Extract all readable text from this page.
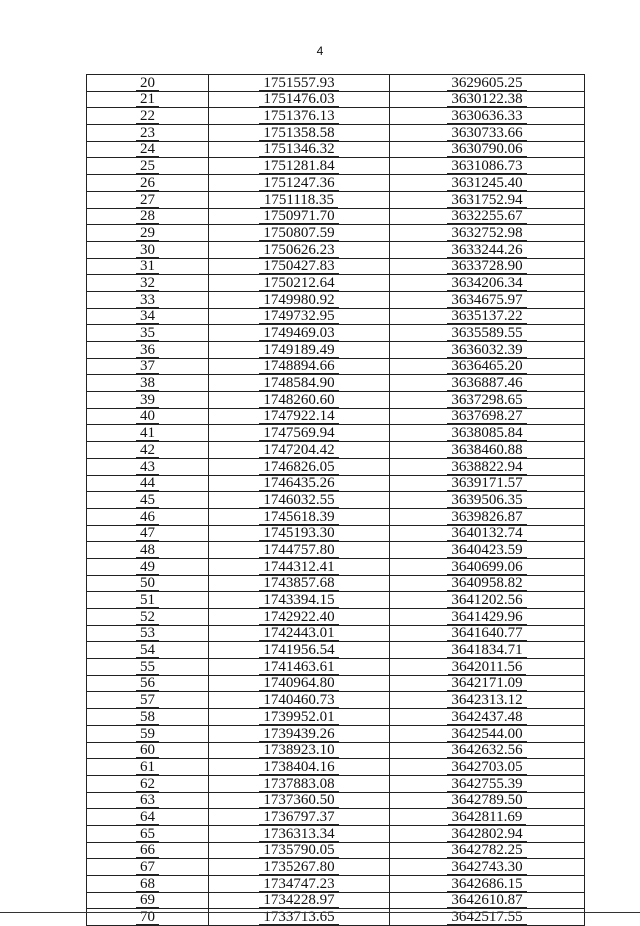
4
20	1751557.93	3629605.25
21	1751476.03	3630122.38
22	1751376.13	3630636.33
23	1751358.58	3630733.66
24	1751346.32	3630790.06
25	1751281.84	3631086.73
26	1751247.36	3631245.40
27	1751118.35	3631752.94
28	1750971.70	3632255.67
29	1750807.59	3632752.98
30	1750626.23	3633244.26
31	1750427.83	3633728.90
32	1750212.64	3634206.34
33	1749980.92	3634675.97
34	1749732.95	3635137.22
35	1749469.03	3635589.55
36	1749189.49	3636032.39
37	1748894.66	3636465.20
38	1748584.90	3636887.46
39	1748260.60	3637298.65
40	1747922.14	3637698.27
41	1747569.94	3638085.84
42	1747204.42	3638460.88
43	1746826.05	3638822.94
44	1746435.26	3639171.57
45	1746032.55	3639506.35
46	1745618.39	3639826.87
47	1745193.30	3640132.74
48	1744757.80	3640423.59
49	1744312.41	3640699.06
50	1743857.68	3640958.82
51	1743394.15	3641202.56
52	1742922.40	3641429.96
53	1742443.01	3641640.77
54	1741956.54	3641834.71
55	1741463.61	3642011.56
56	1740964.80	3642171.09
57	1740460.73	3642313.12
58	1739952.01	3642437.48
59	1739439.26	3642544.00
60	1738923.10	3642632.56
61	1738404.16	3642703.05
62	1737883.08	3642755.39
63	1737360.50	3642789.50
64	1736797.37	3642811.69
65	1736313.34	3642802.94
66	1735790.05	3642782.25
67	1735267.80	3642743.30
68	1734747.23	3642686.15
69	1734228.97	3642610.87
70	1733713.65	3642517.55
